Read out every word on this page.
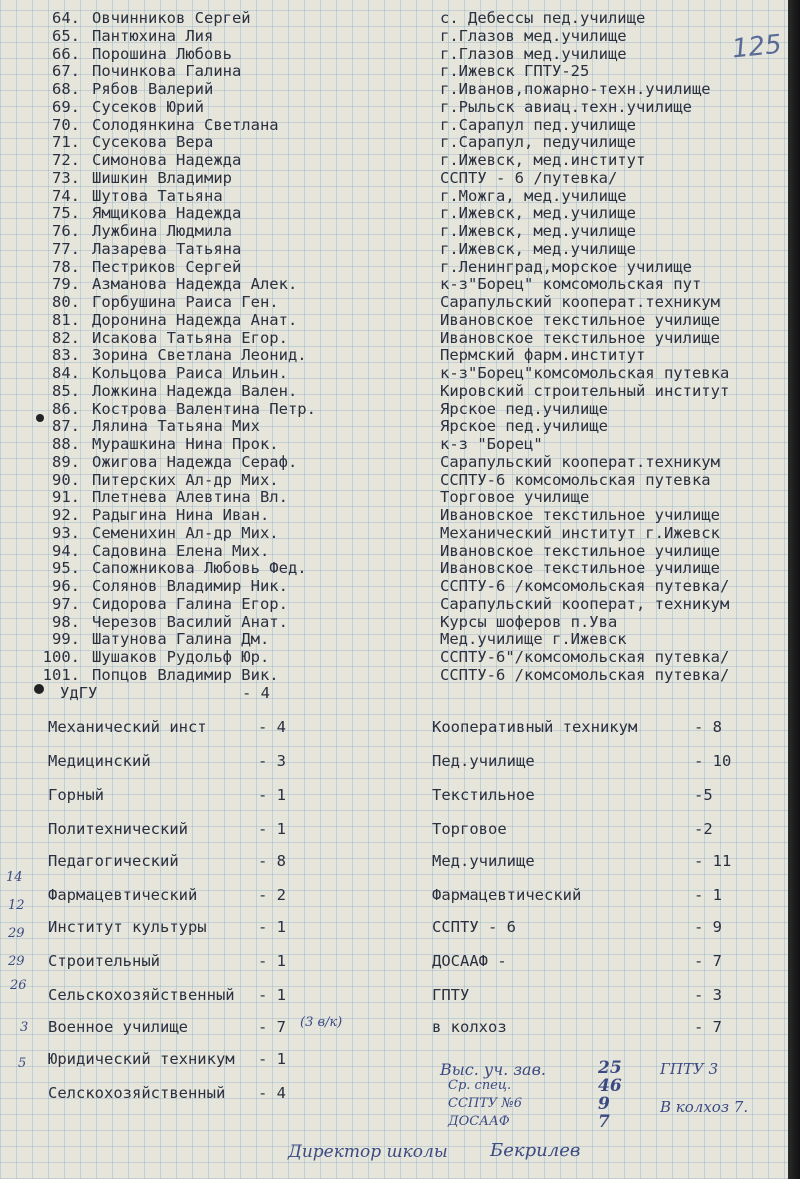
125
64. Овчинников Сергей	с. Дебессы пед.училище
65. Пантюхина Лия	г.Глазов мед.училище
66. Порошина Любовь	г.Глазов мед.училище
67. Починкова Галина	г.Ижевск ГПТУ-25
68. Рябов Валерий	г.Иванов,пожарно-техн.училище
69. Сусеков Юрий	г.Рыльск авиац.техн.училище
70. Солодянкина Светлана	г.Сарапул пед.училище
71. Сусекова Вера	г.Сарапул, педучилище
72. Симонова Надежда	г.Ижевск, мед.институт
73. Шишкин Владимир	ССПТУ - 6 /путевка/
74. Шутова Татьяна	г.Можга, мед.училище
75. Ямщикова Надежда	г.Ижевск, мед.училище
76. Лужбина Людмила	г.Ижевск, мед.училище
77. Лазарева Татьяна	г.Ижевск, мед.училище
78. Пестриков Сергей	г.Ленинград,морское училище
79. Азманова Надежда Алек.	к-з"Борец" комсомольская пут
80. Горбушина Раиса Ген.	Сарапульский кооперат.техникум
81. Доронина Надежда Анат.	Ивановское текстильное училище
82. Исакова Татьяна Егор.	Ивановское текстильное училище
83. Зорина Светлана Леонид.	Пермский фарм.институт
84. Кольцова Раиса Ильин.	к-з"Борец"комсомольская путевка
85. Ложкина Надежда Вален.	Кировский строительный институт
86. Кострова Валентина Петр.	Ярское пед.училище
87. Лялина Татьяна Мих	Ярское пед.училище
88. Мурашкина Нина Прок.	к-з "Борец"
89. Ожигова Надежда Сераф.	Сарапульский кооперат.техникум
90. Питерских Ал-др Мих.	ССПТУ-6 комсомольская путевка
91. Плетнева Алевтина Вл.	Торговое училище
92. Радыгина Нина Иван.	Ивановское текстильное училище
93. Семенихин Ал-др Мих.	Механический институт г.Ижевск
94. Садовина Елена Мих.	Ивановское текстильное училище
95. Сапожникова Любовь Фед.	Ивановское текстильное училище
96. Солянов Владимир Ник.	ССПТУ-6 /комсомольская путевка/
97. Сидорова Галина Егор.	Сарапульский кооперат, техникум
98. Черезов Василий Анат.	Курсы шоферов п.Ува
99. Шатунова Галина Дм.	Мед.училище г.Ижевск
100. Шушаков Рудольф Юр.	ССПТУ-6"/комсомольская путевка/
101. Попцов Владимир Вик.	ССПТУ-6 /комсомольская путевка/
УдГУ	- 4
Механический инст	- 4
Медицинский	- 3
Горный	- 1
Политехнический	- 1
Педагогический	- 8
Фармацевтический	- 2
Институт культуры	- 1
Строительный	- 1
Сельскохозяйственный - 1
Военное училище	- 7
Юридический техникум - 1
Селскохозяйственный - 4
Кооперативный техникум	- 8
Пед.училище	- 10
Текстильное	-5
Торговое	-2
Мед.училище	- 11
Фармацевтический	- 1
ССПТУ - 6	- 9
ДОСААФ -	- 7
ГПТУ	- 3
в колхоз	- 7
(3 в/к)
14
12
29
29
26
3
5	Выс. уч. зав.	25
Ср. спец.	46
ССПТУ №6	9
ДОСААФ	7
ГПТУ 3
В колхоз 7.
Директор школы Бекрилев
